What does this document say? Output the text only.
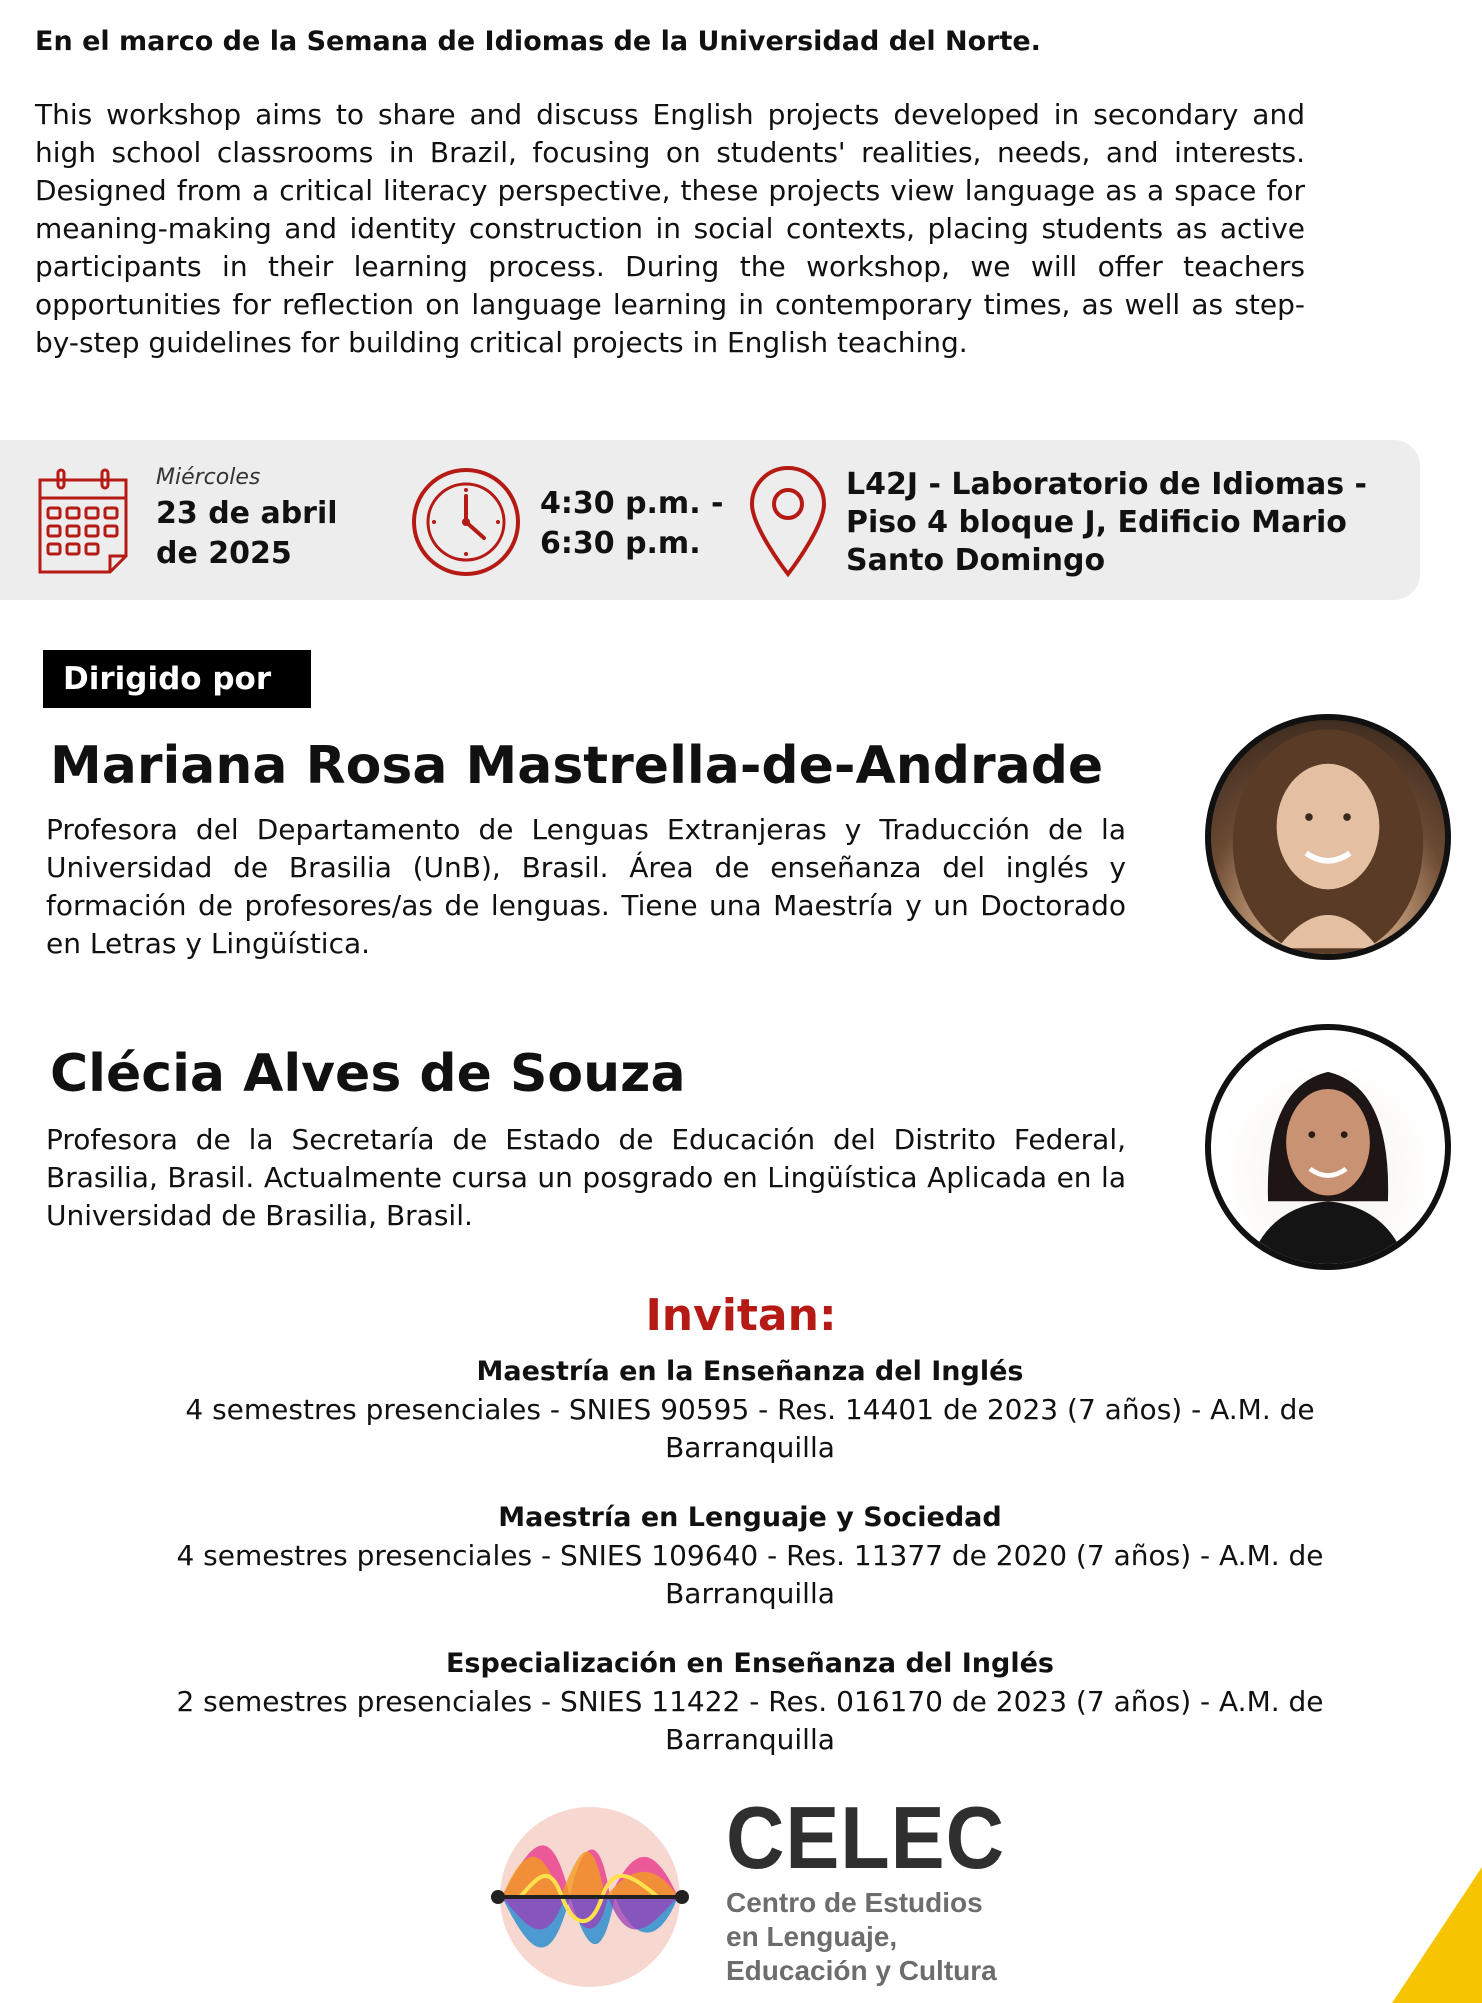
En el marco de la Semana de Idiomas de la Universidad del Norte.
This workshop aims to share and discuss English projects developed in secondary and high school classrooms in Brazil, focusing on students' realities, needs, and interests. Designed from a critical literacy perspective, these projects view language as a space for meaning-making and identity construction in social contexts, placing students as active participants in their learning process. During the workshop, we will offer teachers opportunities for reflection on language learning in contemporary times, as well as step-by-step guidelines for building critical projects in English teaching.
Miércoles
23 de abril
de 2025
4:30 p.m. -
6:30 p.m.
L42J - Laboratorio de Idiomas -
Piso 4 bloque J, Edificio Mario
Santo Domingo
Dirigido por
Mariana Rosa Mastrella-de-Andrade
Profesora del Departamento de Lenguas Extranjeras y Traducción de la Universidad de Brasilia (UnB), Brasil. Área de enseñanza del inglés y formación de profesores/as de lenguas. Tiene una Maestría y un Doctorado en Letras y Lingüística.
Clécia Alves de Souza
Profesora de la Secretaría de Estado de Educación del Distrito Federal, Brasilia, Brasil. Actualmente cursa un posgrado en Lingüística Aplicada en la Universidad de Brasilia, Brasil.
Invitan:
Maestría en la Enseñanza del Inglés
4 semestres presenciales - SNIES 90595 - Res. 14401 de 2023 (7 años) - A.M. de Barranquilla
Maestría en Lenguaje y Sociedad
4 semestres presenciales - SNIES 109640 - Res. 11377 de 2020 (7 años) - A.M. de Barranquilla
Especialización en Enseñanza del Inglés
2 semestres presenciales - SNIES 11422 - Res. 016170 de 2023 (7 años) - A.M. de Barranquilla
CELEC
Centro de Estudios
en Lenguaje,
Educación y Cultura
